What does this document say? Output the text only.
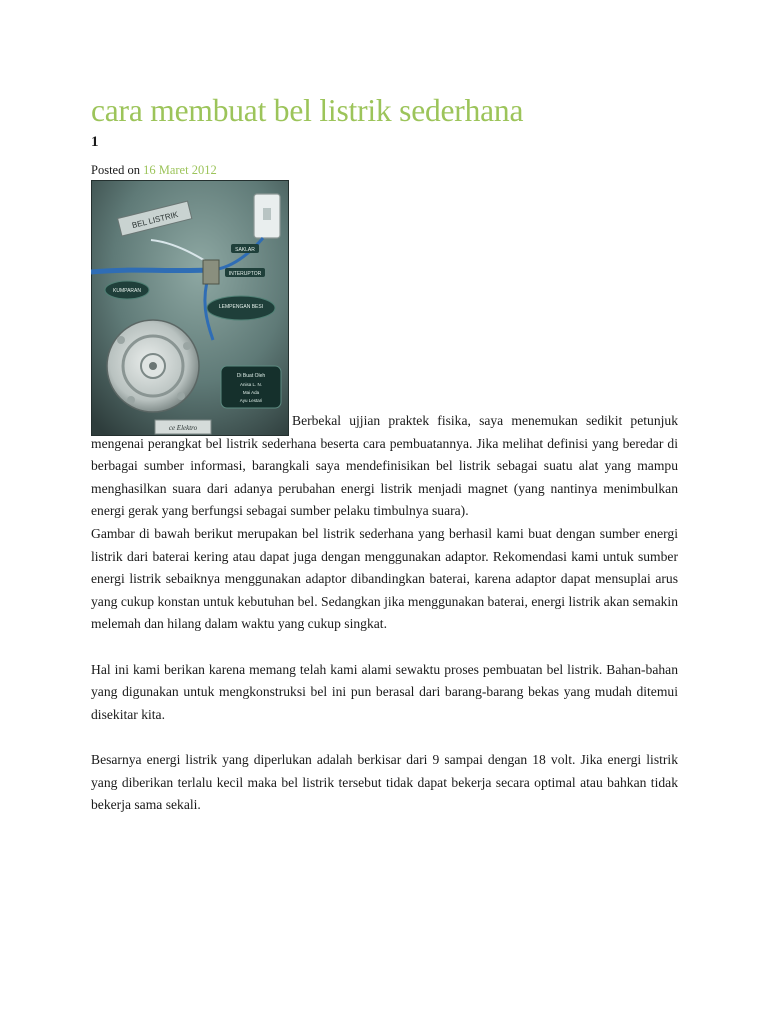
cara membuat bel listrik sederhana
1
Posted on 16 Maret 2012
BEL LISTRIK
SAKLAR
INTERUPTOR
KUMPARAN
LEMPENGAN BESI
Di Buat Oleh
Anisa L. N.
Mai Ada
Ayu Lestari
ce Elektro	Berbekal ujjian praktek fisika, saya menemukan sedikit petunjuk mengenai perangkat bel listrik sederhana beserta cara pembuatannya. Jika melihat definisi yang beredar di berbagai sumber informasi, barangkali saya mendefinisikan bel listrik sebagai suatu alat yang mampu menghasilkan suara dari adanya perubahan energi listrik menjadi magnet (yang nantinya menimbulkan energi gerak yang berfungsi sebagai sumber pelaku timbulnya suara).

Gambar di bawah berikut merupakan bel listrik sederhana yang berhasil kami buat dengan sumber energi listrik dari baterai kering atau dapat juga dengan menggunakan adaptor. Rekomendasi kami untuk sumber energi listrik sebaiknya menggunakan adaptor dibandingkan baterai, karena adaptor dapat mensuplai arus yang cukup konstan untuk kebutuhan bel. Sedangkan jika menggunakan baterai, energi listrik akan semakin melemah dan hilang dalam waktu yang cukup singkat.

Hal ini kami berikan karena memang telah kami alami sewaktu proses pembuatan bel listrik. Bahan-bahan yang digunakan untuk mengkonstruksi bel ini pun berasal dari barang-barang bekas yang mudah ditemui disekitar kita.

Besarnya energi listrik yang diperlukan adalah berkisar dari 9 sampai dengan 18 volt. Jika energi listrik yang diberikan terlalu kecil maka bel listrik tersebut tidak dapat bekerja secara optimal atau bahkan tidak bekerja sama sekali.
